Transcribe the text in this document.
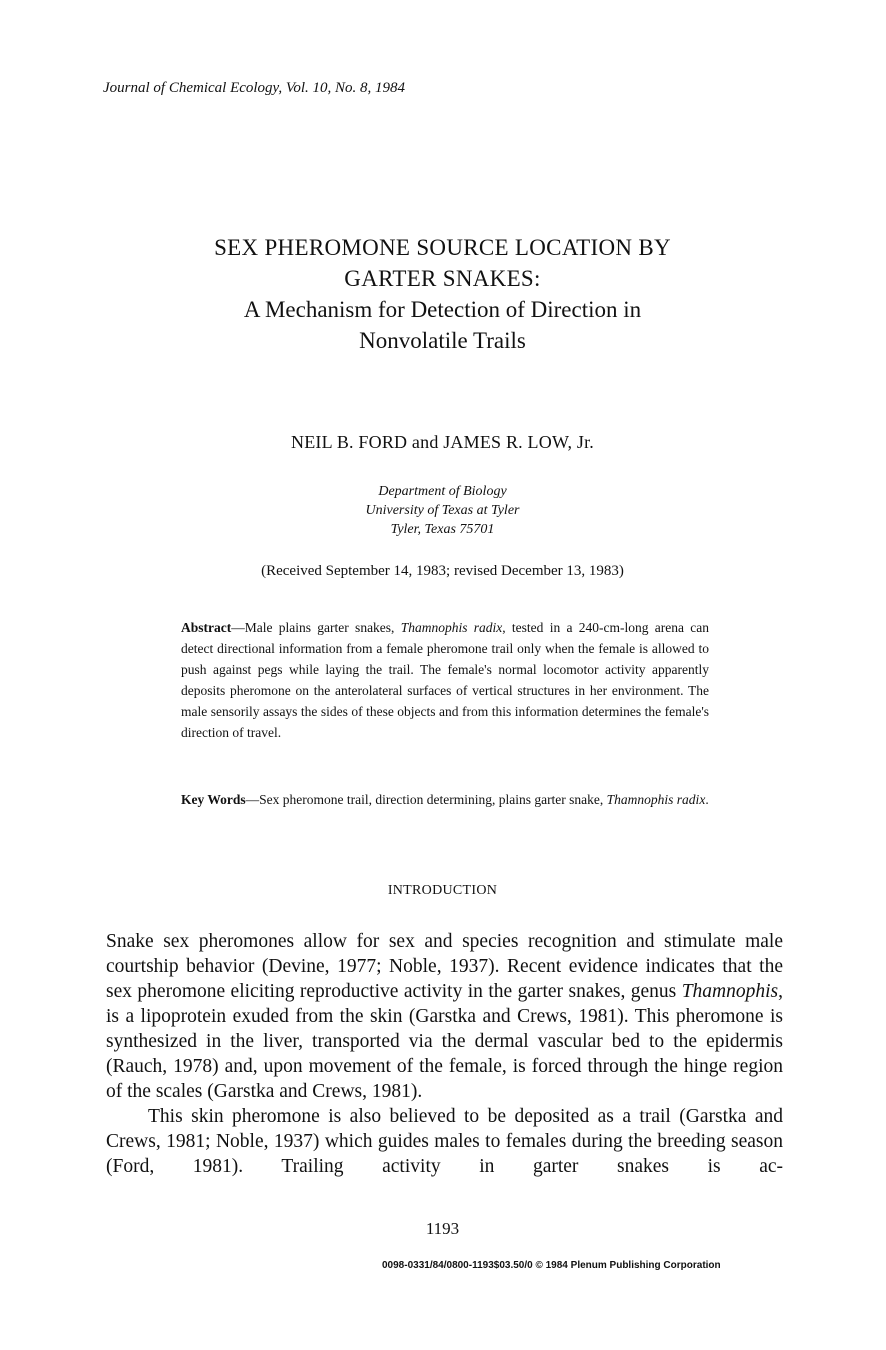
Journal of Chemical Ecology, Vol. 10, No. 8, 1984
SEX PHEROMONE SOURCE LOCATION BY
GARTER SNAKES:
A Mechanism for Detection of Direction in
Nonvolatile Trails
NEIL B. FORD and JAMES R. LOW, Jr.
Department of Biology
University of Texas at Tyler
Tyler, Texas 75701
(Received September 14, 1983; revised December 13, 1983)
Abstract—Male plains garter snakes, Thamnophis radix, tested in a 240-cm-long arena can detect directional information from a female pheromone trail only when the female is allowed to push against pegs while laying the trail. The female's normal locomotor activity apparently deposits pheromone on the anterolateral surfaces of vertical structures in her environment. The male sensorily assays the sides of these objects and from this information determines the female's direction of travel.
Key Words—Sex pheromone trail, direction determining, plains garter snake, Thamnophis radix.
INTRODUCTION

Snake sex pheromones allow for sex and species recognition and stimulate male courtship behavior (Devine, 1977; Noble, 1937). Recent evidence indicates that the sex pheromone eliciting reproductive activity in the garter snakes, genus Thamnophis, is a lipoprotein exuded from the skin (Garstka and Crews, 1981). This pheromone is synthesized in the liver, transported via the dermal vascular bed to the epidermis (Rauch, 1978) and, upon movement of the female, is forced through the hinge region of the scales (Garstka and Crews, 1981).

This skin pheromone is also believed to be deposited as a trail (Garstka and Crews, 1981; Noble, 1937) which guides males to females during the breeding season (Ford, 1981). Trailing activity in garter snakes is ac-

1193
0098-0331/84/0800-1193$03.50/0 © 1984 Plenum Publishing Corporation
